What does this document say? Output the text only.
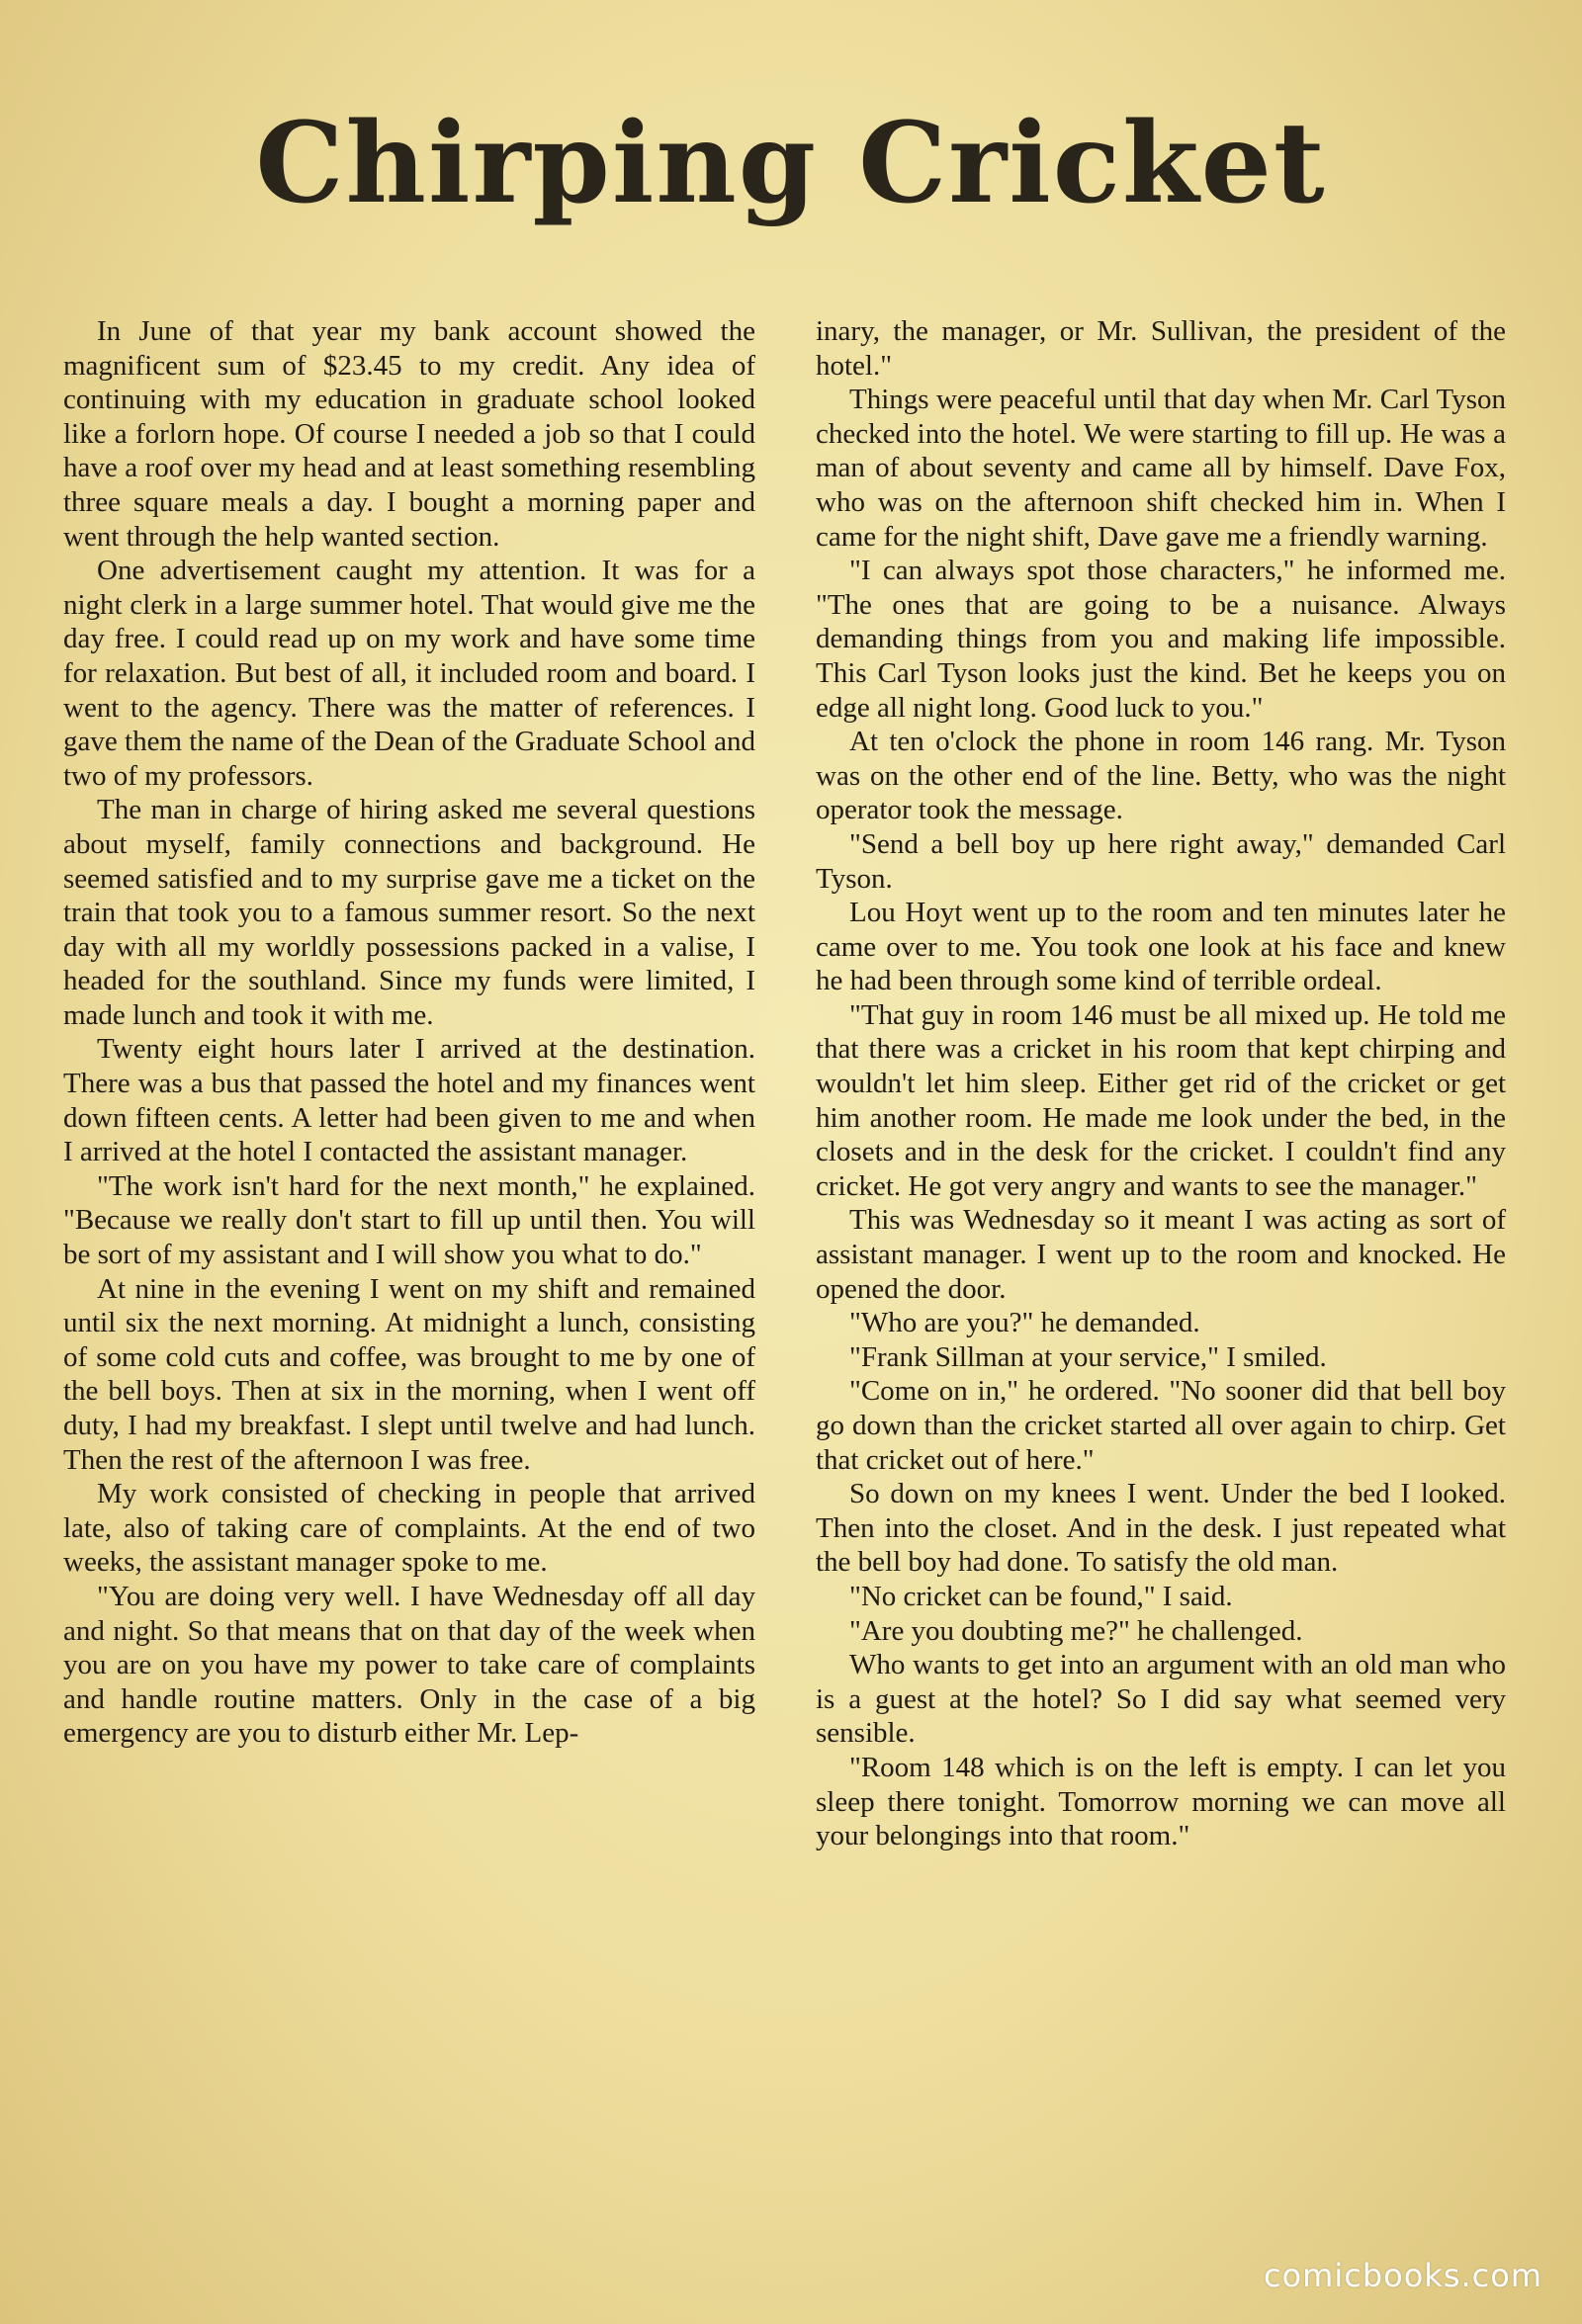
Chirping Cricket

In June of that year my bank account showed the magnificent sum of $23.45 to my credit. Any idea of continuing with my education in graduate school looked like a forlorn hope. Of course I needed a job so that I could have a roof over my head and at least something resembling three square meals a day. I bought a morning paper and went through the help wanted section.

One advertisement caught my attention. It was for a night clerk in a large summer hotel. That would give me the day free. I could read up on my work and have some time for relaxation. But best of all, it included room and board. I went to the agency. There was the matter of references. I gave them the name of the Dean of the Graduate School and two of my professors.

The man in charge of hiring asked me several questions about myself, family connections and background. He seemed satisfied and to my surprise gave me a ticket on the train that took you to a famous summer resort. So the next day with all my worldly possessions packed in a valise, I headed for the southland. Since my funds were limited, I made lunch and took it with me.

Twenty eight hours later I arrived at the destination. There was a bus that passed the hotel and my finances went down fifteen cents. A letter had been given to me and when I arrived at the hotel I contacted the assistant manager.

"The work isn't hard for the next month," he explained. "Because we really don't start to fill up until then. You will be sort of my assistant and I will show you what to do."

At nine in the evening I went on my shift and remained until six the next morning. At midnight a lunch, consisting of some cold cuts and coffee, was brought to me by one of the bell boys. Then at six in the morning, when I went off duty, I had my breakfast. I slept until twelve and had lunch. Then the rest of the afternoon I was free.

My work consisted of checking in people that arrived late, also of taking care of complaints. At the end of two weeks, the assistant manager spoke to me.

"You are doing very well. I have Wednesday off all day and night. So that means that on that day of the week when you are on you have my power to take care of complaints and handle routine matters. Only in the case of a big emergency are you to disturb either Mr. Lep-

inary, the manager, or Mr. Sullivan, the president of the hotel."

Things were peaceful until that day when Mr. Carl Tyson checked into the hotel. We were starting to fill up. He was a man of about seventy and came all by himself. Dave Fox, who was on the afternoon shift checked him in. When I came for the night shift, Dave gave me a friendly warning.

"I can always spot those characters," he informed me. "The ones that are going to be a nuisance. Always demanding things from you and making life impossible. This Carl Tyson looks just the kind. Bet he keeps you on edge all night long. Good luck to you."

At ten o'clock the phone in room 146 rang. Mr. Tyson was on the other end of the line. Betty, who was the night operator took the message.

"Send a bell boy up here right away," demanded Carl Tyson.

Lou Hoyt went up to the room and ten minutes later he came over to me. You took one look at his face and knew he had been through some kind of terrible ordeal.

"That guy in room 146 must be all mixed up. He told me that there was a cricket in his room that kept chirping and wouldn't let him sleep. Either get rid of the cricket or get him another room. He made me look under the bed, in the closets and in the desk for the cricket. I couldn't find any cricket. He got very angry and wants to see the manager."

This was Wednesday so it meant I was acting as sort of assistant manager. I went up to the room and knocked. He opened the door.

"Who are you?" he demanded.

"Frank Sillman at your service," I smiled.

"Come on in," he ordered. "No sooner did that bell boy go down than the cricket started all over again to chirp. Get that cricket out of here."

So down on my knees I went. Under the bed I looked. Then into the closet. And in the desk. I just repeated what the bell boy had done. To satisfy the old man.

"No cricket can be found," I said.

"Are you doubting me?" he challenged.

Who wants to get into an argument with an old man who is a guest at the hotel? So I did say what seemed very sensible.

"Room 148 which is on the left is empty. I can let you sleep there tonight. Tomorrow morning we can move all your belongings into that room."

comicbooks.com
